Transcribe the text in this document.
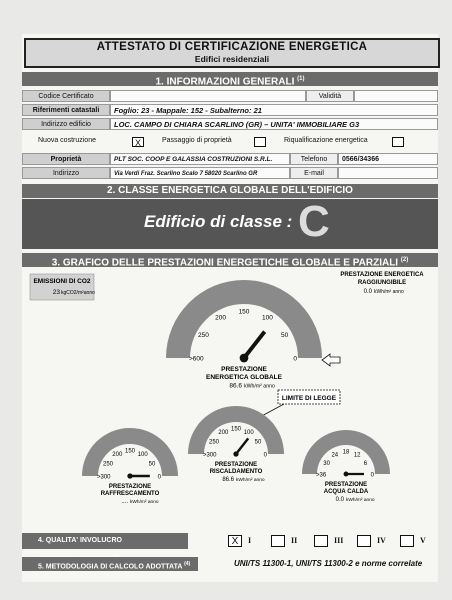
ATTESTATO DI CERTIFICAZIONE ENERGETICA
Edifici residenziali
1. INFORMAZIONI GENERALI $^{(1)}$
Codice Certificato	Validità
Riferimenti catastali	Foglio: 23 - Mappale: 152 - Subalterno: 21
Indirizzo edificio	LOC. CAMPO DI CHIARA SCARLINO (GR) – UNITA' IMMOBILIARE G3
Nuova costruzione	X	Passaggio di proprietà	Riqualificazione energetica
Proprietà	PLT SOC. COOP E GALASSIA COSTRUZIONI S.R.L.	Telefono	0566/34366
Indirizzo	Via Verdi Fraz. Scarlino Scalo 7 58020 Scarlino GR	E-mail
2. CLASSE ENERGETICA GLOBALE DELL'EDIFICIO
Edificio di classe : C
3. GRAFICO DELLE PRESTAZIONI ENERGETICHE GLOBALE E PARZIALI $^{(2)}$
EMISSIONI DI CO2
23 kgCO2/m²anno
PRESTAZIONE ENERGETICA
RAGGIUNGIBILE
0.0 kWh/m² anno
LIMITE DI LEGGE
>600
250
200
150
100
50
0
PRESTAZIONE
ENERGETICA GLOBALE
86.6 kWh/m² anno
>300
250
200
150
100
50
0
PRESTAZIONE
RISCALDAMENTO
86.6 kWh/m² anno
>300
250
200
150
100
50
0
PRESTAZIONE
RAFFRESCAMENTO
.... kWh/m² anno
>36
30
24
18
12
6
0
PRESTAZIONE
ACQUA CALDA
0.0 kWh/m² anno
4. QUALITA' INVOLUCRO	X	I	II	III	IV	V
5. METODOLOGIA DI CALCOLO ADOTTATA $^{(4)}$	UNI/TS 11300-1, UNI/TS 11300-2 e norme correlate
